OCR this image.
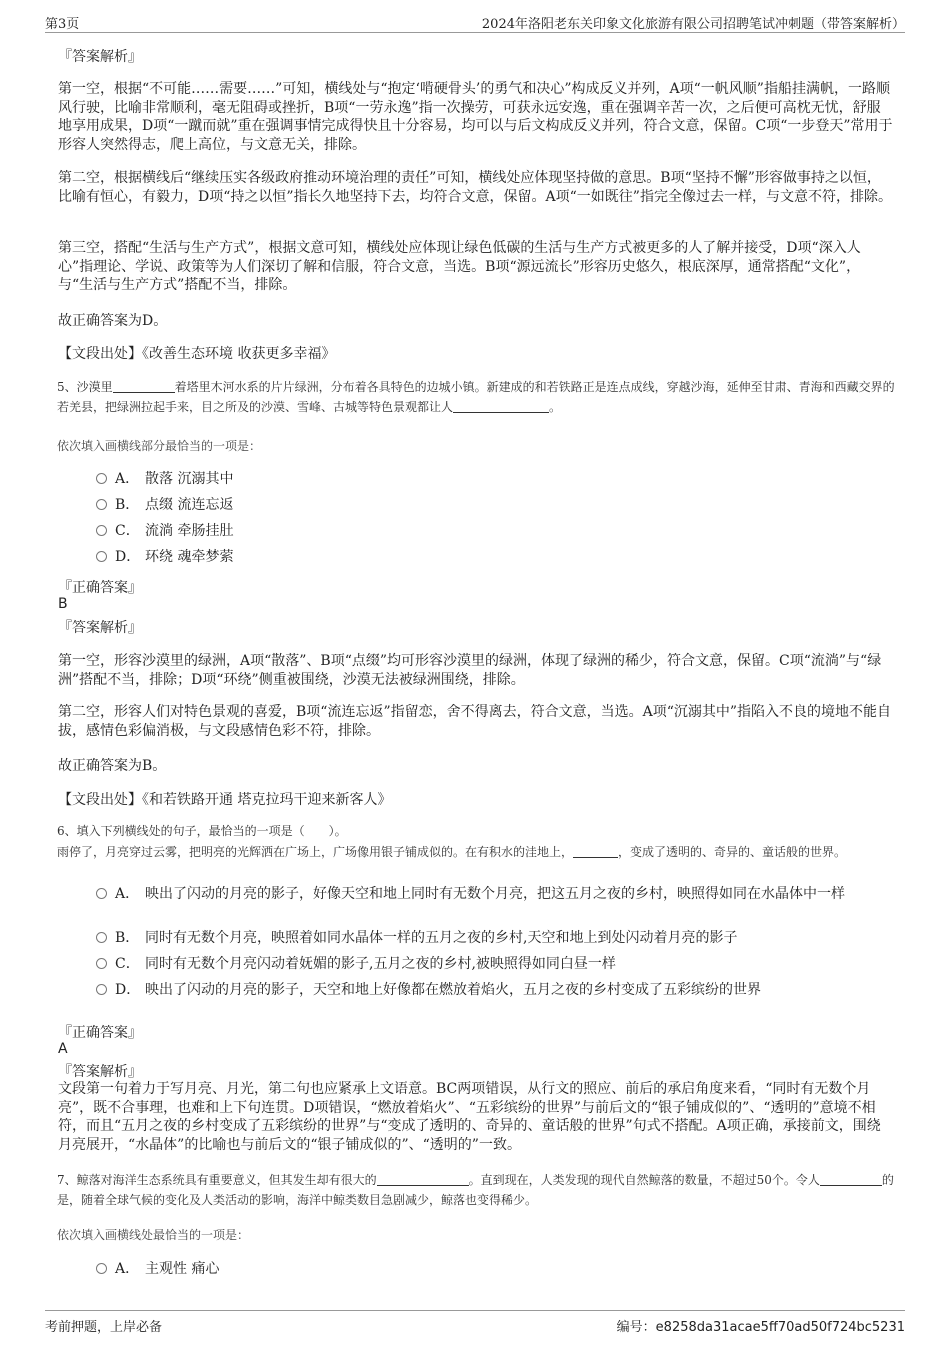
第3页	2024年洛阳老东关印象文化旅游有限公司招聘笔试冲刺题（带答案解析）
『答案解析』

第一空，根据“不可能……需要……”可知，横线处与“抱定‘啃硬骨头’的勇气和决心”构成反义并列，A项“一帆风顺”指船挂满帆，一路顺风行驶，比喻非常顺利，毫无阻碍或挫折，B项“一劳永逸”指一次操劳，可获永远安逸，重在强调辛苦一次，之后便可高枕无忧，舒服地享用成果，D项“一蹴而就”重在强调事情完成得快且十分容易，均可以与后文构成反义并列，符合文意，保留。C项“一步登天”常用于形容人突然得志，爬上高位，与文意无关，排除。

第二空，根据横线后“继续压实各级政府推动环境治理的责任”可知，横线处应体现坚持做的意思。B项“坚持不懈”形容做事持之以恒，比喻有恒心，有毅力，D项“持之以恒”指长久地坚持下去，均符合文意，保留。A项“一如既往”指完全像过去一样，与文意不符，排除。

第三空，搭配“生活与生产方式”，根据文意可知，横线处应体现让绿色低碳的生活与生产方式被更多的人了解并接受，D项“深入人心”指理论、学说、政策等为人们深切了解和信服，符合文意，当选。B项“源远流长”形容历史悠久，根底深厚，通常搭配“文化”，与“生活与生产方式”搭配不当，排除。

故正确答案为D。
【文段出处】《改善生态环境 收获更多幸福》

5、沙漠里	着塔里木河水系的片片绿洲，分布着各具特色的边城小镇。新建成的和若铁路正是连点成线，穿越沙海，延伸至甘肃、青海和西藏交界的若羌县，把绿洲拉起手来，目之所及的沙漠、雪峰、古城等特色景观都让人	。

依次填入画横线部分最恰当的一项是：
A． 散落 沉溺其中
B． 点缀 流连忘返
C． 流淌 牵肠挂肚
D． 环绕 魂牵梦萦
『正确答案』
B
『答案解析』

第一空，形容沙漠里的绿洲，A项“散落”、B项“点缀”均可形容沙漠里的绿洲，体现了绿洲的稀少，符合文意，保留。C项“流淌”与“绿洲”搭配不当，排除；D项“环绕”侧重被围绕，沙漠无法被绿洲围绕，排除。

第二空，形容人们对特色景观的喜爱，B项“流连忘返”指留恋，舍不得离去，符合文意，当选。A项“沉溺其中”指陷入不良的境地不能自拔，感情色彩偏消极，与文段感情色彩不符，排除。

故正确答案为B。
【文段出处】《和若铁路开通 塔克拉玛干迎来新客人》
6、填入下列横线处的句子，最恰当的一项是（　　）。

雨停了，月亮穿过云雾，把明亮的光辉洒在广场上，广场像用银子铺成似的。在有积水的洼地上，	，变成了透明的、奇异的、童话般的世界。

A． 映出了闪动的月亮的影子，好像天空和地上同时有无数个月亮，把这五月之夜的乡村，映照得如同在水晶体中一样
B． 同时有无数个月亮，映照着如同水晶体一样的五月之夜的乡村,天空和地上到处闪动着月亮的影子
C． 同时有无数个月亮闪动着妩媚的影子,五月之夜的乡村,被映照得如同白昼一样
D． 映出了闪动的月亮的影子，天空和地上好像都在燃放着焰火，五月之夜的乡村变成了五彩缤纷的世界
『正确答案』
A
『答案解析』

文段第一句着力于写月亮、月光，第二句也应紧承上文语意。BC两项错误，从行文的照应、前后的承启角度来看，“同时有无数个月亮”，既不合事理，也难和上下句连贯。D项错误，“燃放着焰火”、“五彩缤纷的世界”与前后文的“银子铺成似的”、“透明的”意境不相符，而且“五月之夜的乡村变成了五彩缤纷的世界”与“变成了透明的、奇异的、童话般的世界”句式不搭配。A项正确，承接前文，围绕月亮展开，“水晶体”的比喻也与前后文的“银子铺成似的”、“透明的”一致。

7、鲸落对海洋生态系统具有重要意义，但其发生却有很大的	。直到现在，人类发现的现代自然鲸落的数量，不超过50个。令人	的是，随着全球气候的变化及人类活动的影响，海洋中鲸类数目急剧减少，鲸落也变得稀少。

依次填入画横线处最恰当的一项是：
A． 主观性 痛心
考前押题，上岸必备	编号：e8258da31acae5ff70ad50f724bc5231
